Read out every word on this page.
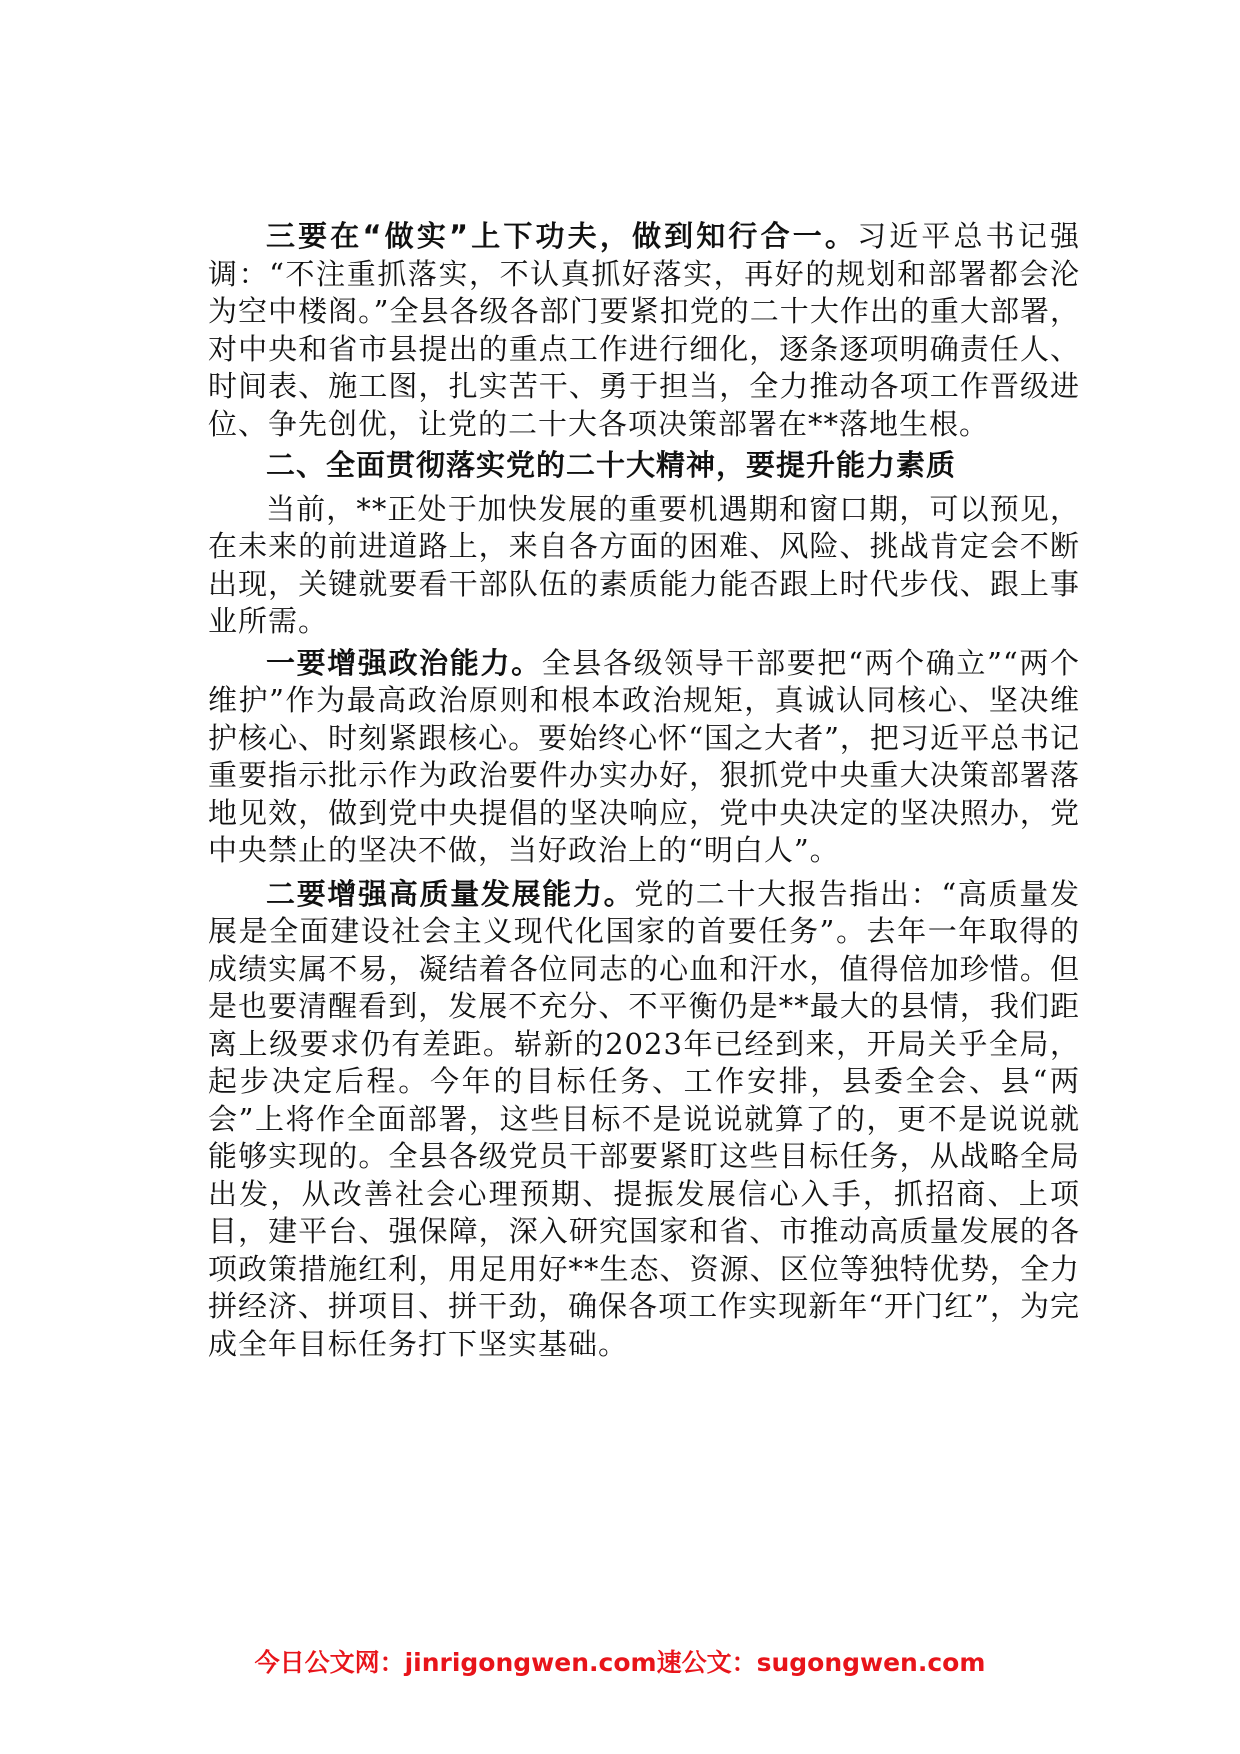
三要在“做实”上下功夫，做到知行合一。习近平总书记强调：“不注重抓落实，不认真抓好落实，再好的规划和部署都会沦为空中楼阁。”全县各级各部门要紧扣党的二十大作出的重大部署，对中央和省市县提出的重点工作进行细化，逐条逐项明确责任人、时间表、施工图，扎实苦干、勇于担当，全力推动各项工作晋级进位、争先创优，让党的二十大各项决策部署在**落地生根。

二、全面贯彻落实党的二十大精神，要提升能力素质

当前，**正处于加快发展的重要机遇期和窗口期，可以预见，在未来的前进道路上，来自各方面的困难、风险、挑战肯定会不断出现，关键就要看干部队伍的素质能力能否跟上时代步伐、跟上事业所需。

一要增强政治能力。全县各级领导干部要把“两个确立”“两个维护”作为最高政治原则和根本政治规矩，真诚认同核心、坚决维护核心、时刻紧跟核心。要始终心怀“国之大者”，把习近平总书记重要指示批示作为政治要件办实办好，狠抓党中央重大决策部署落地见效，做到党中央提倡的坚决响应，党中央决定的坚决照办，党中央禁止的坚决不做，当好政治上的“明白人”。

二要增强高质量发展能力。党的二十大报告指出：“高质量发展是全面建设社会主义现代化国家的首要任务”。去年一年取得的成绩实属不易，凝结着各位同志的心血和汗水，值得倍加珍惜。但是也要清醒看到，发展不充分、不平衡仍是**最大的县情，我们距离上级要求仍有差距。崭新的2023年已经到来，开局关乎全局，起步决定后程。今年的目标任务、工作安排，县委全会、县“两会”上将作全面部署，这些目标不是说说就算了的，更不是说说就能够实现的。全县各级党员干部要紧盯这些目标任务，从战略全局出发，从改善社会心理预期、提振发展信心入手，抓招商、上项目，建平台、强保障，深入研究国家和省、市推动高质量发展的各项政策措施红利，用足用好**生态、资源、区位等独特优势，全力拼经济、拼项目、拼干劲，确保各项工作实现新年“开门红”，为完成全年目标任务打下坚实基础。

今日公文网：jinrigongwen.com速公文：sugongwen.com
